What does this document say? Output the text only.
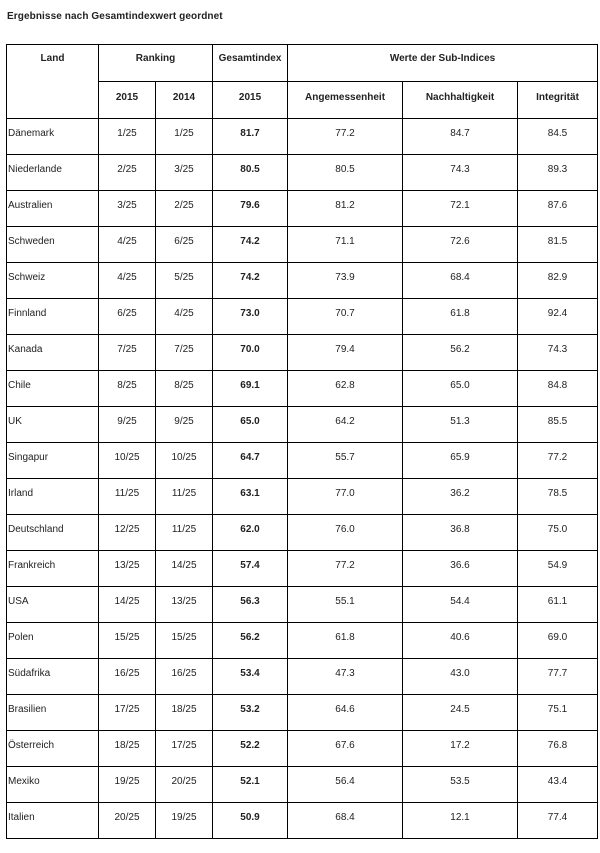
Ergebnisse nach Gesamtindexwert geordnet
Land	Ranking		Gesamtindex	Werte der Sub-Indices		
	2015	2014	2015	Angemessenheit	Nachhaltigkeit	Integrität
Dänemark	1/25	1/25	81.7	77.2	84.7	84.5
Niederlande	2/25	3/25	80.5	80.5	74.3	89.3
Australien	3/25	2/25	79.6	81.2	72.1	87.6
Schweden	4/25	6/25	74.2	71.1	72.6	81.5
Schweiz	4/25	5/25	74.2	73.9	68.4	82.9
Finnland	6/25	4/25	73.0	70.7	61.8	92.4
Kanada	7/25	7/25	70.0	79.4	56.2	74.3
Chile	8/25	8/25	69.1	62.8	65.0	84.8
UK	9/25	9/25	65.0	64.2	51.3	85.5
Singapur	10/25	10/25	64.7	55.7	65.9	77.2
Irland	11/25	11/25	63.1	77.0	36.2	78.5
Deutschland	12/25	11/25	62.0	76.0	36.8	75.0
Frankreich	13/25	14/25	57.4	77.2	36.6	54.9
USA	14/25	13/25	56.3	55.1	54.4	61.1
Polen	15/25	15/25	56.2	61.8	40.6	69.0
Südafrika	16/25	16/25	53.4	47.3	43.0	77.7
Brasilien	17/25	18/25	53.2	64.6	24.5	75.1
Österreich	18/25	17/25	52.2	67.6	17.2	76.8
Mexiko	19/25	20/25	52.1	56.4	53.5	43.4
Italien	20/25	19/25	50.9	68.4	12.1	77.4
